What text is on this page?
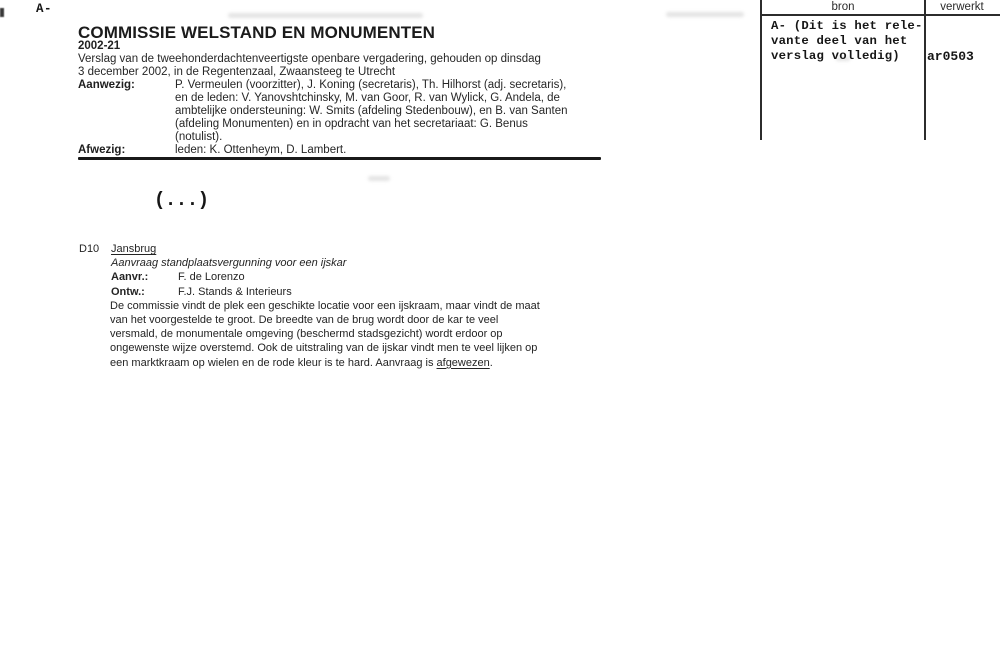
A-
COMMISSIE WELSTAND EN MONUMENTEN
2002-21
Verslag van de tweehonderdachtenveertigste openbare vergadering, gehouden op dinsdag
3 december 2002, in de Regentenzaal, Zwaansteeg te Utrecht
Aanwezig:	P. Vermeulen (voorzitter), J. Koning (secretaris), Th. Hilhorst (adj. secretaris),
en de leden: V. Yanovshtchinsky, M. van Goor, R. van Wylick, G. Andela, de
ambtelijke ondersteuning: W. Smits (afdeling Stedenbouw), en B. van Santen
(afdeling Monumenten) en in opdracht van het secretariaat: G. Benus
(notulist).
Afwezig:	leden: K. Ottenheym, D. Lambert.
(...)
D10	Jansbrug
Aanvraag standplaatsvergunning voor een ijskar
Aanvr.:	F. de Lorenzo
Ontw.:	F.J. Stands & Interieurs
De commissie vindt de plek een geschikte locatie voor een ijskraam, maar vindt de maat
van het voorgestelde te groot. De breedte van de brug wordt door de kar te veel
versmald, de monumentale omgeving (beschermd stadsgezicht) wordt erdoor op
ongewenste wijze overstemd. Ook de uitstraling van de ijskar vindt men te veel lijken op
een marktkraam op wielen en de rode kleur is te hard. Aanvraag is afgewezen.
bron	verwerkt
A- (Dit is het rele-
vante deel van het
verslag volledig)	ar0503
